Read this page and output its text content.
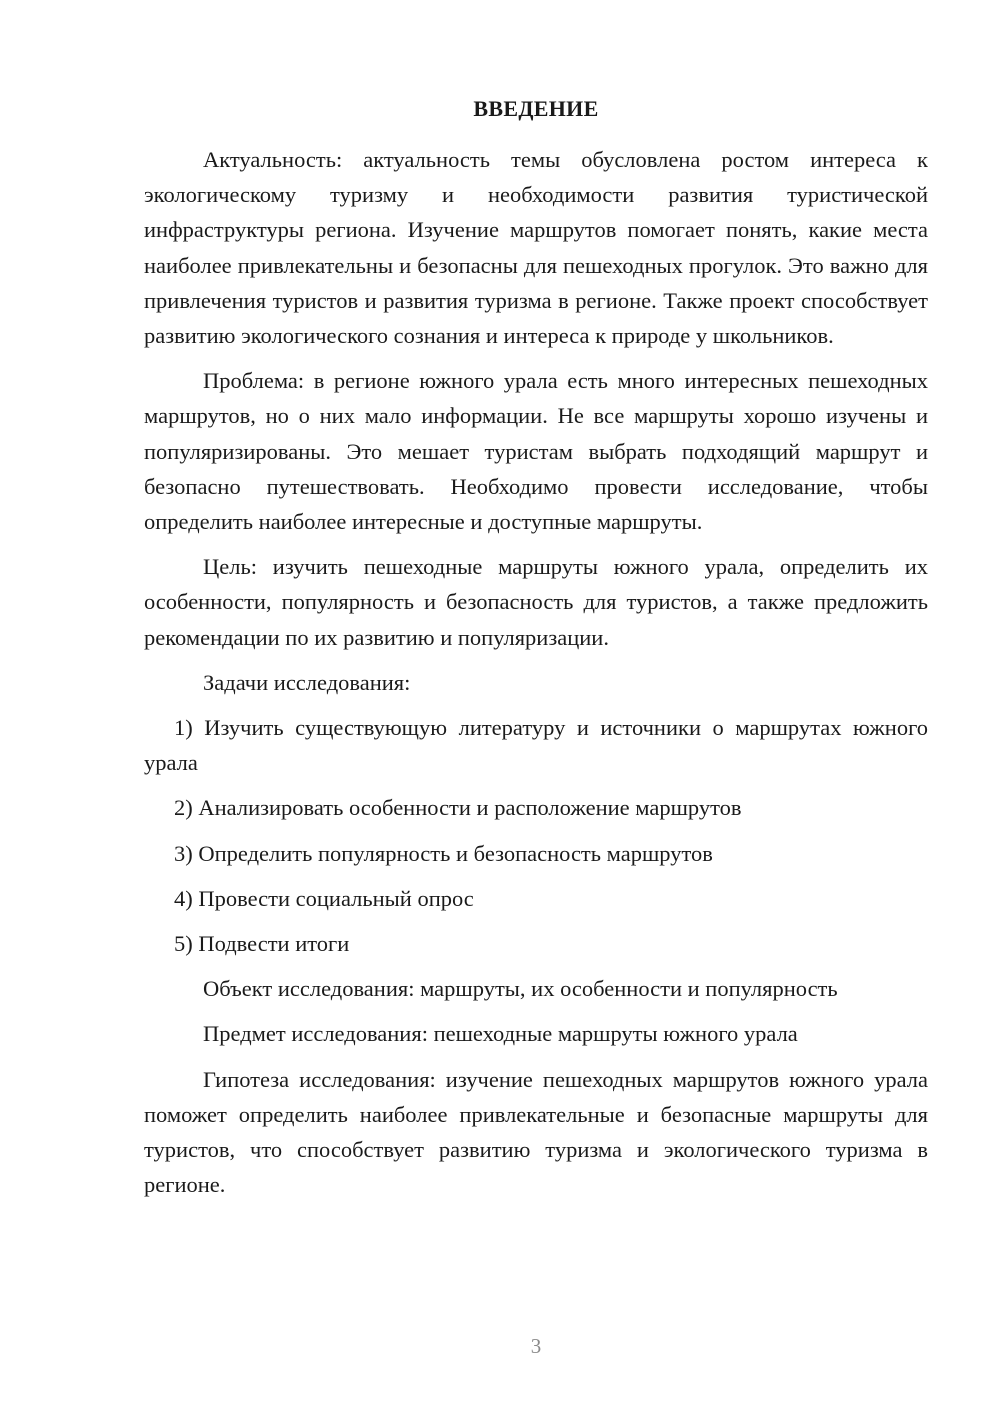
ВВЕДЕНИЕ

Актуальность: актуальность темы обусловлена ростом интереса к экологическому туризму и необходимости развития туристической инфраструктуры региона. Изучение маршрутов помогает понять, какие места наиболее привлекательны и безопасны для пешеходных прогулок. Это важно для привлечения туристов и развития туризма в регионе. Также проект способствует развитию экологического сознания и интереса к природе у школьников.

Проблема: в регионе южного урала есть много интересных пешеходных маршрутов, но о них мало информации. Не все маршруты хорошо изучены и популяризированы. Это мешает туристам выбрать подходящий маршрут и безопасно путешествовать. Необходимо провести исследование, чтобы определить наиболее интересные и доступные маршруты.

Цель: изучить пешеходные маршруты южного урала, определить их особенности, популярность и безопасность для туристов, а также предложить рекомендации по их развитию и популяризации.

Задачи исследования:

1) Изучить существующую литературу и источники о маршрутах южного урала

2) Анализировать особенности и расположение маршрутов

3) Определить популярность и безопасность маршрутов

4) Провести социальный опрос

5) Подвести итоги

Объект исследования: маршруты, их особенности и популярность

Предмет исследования: пешеходные маршруты южного урала

Гипотеза исследования: изучение пешеходных маршрутов южного урала поможет определить наиболее привлекательные и безопасные маршруты для туристов, что способствует развитию туризма и экологического туризма в регионе.

3
